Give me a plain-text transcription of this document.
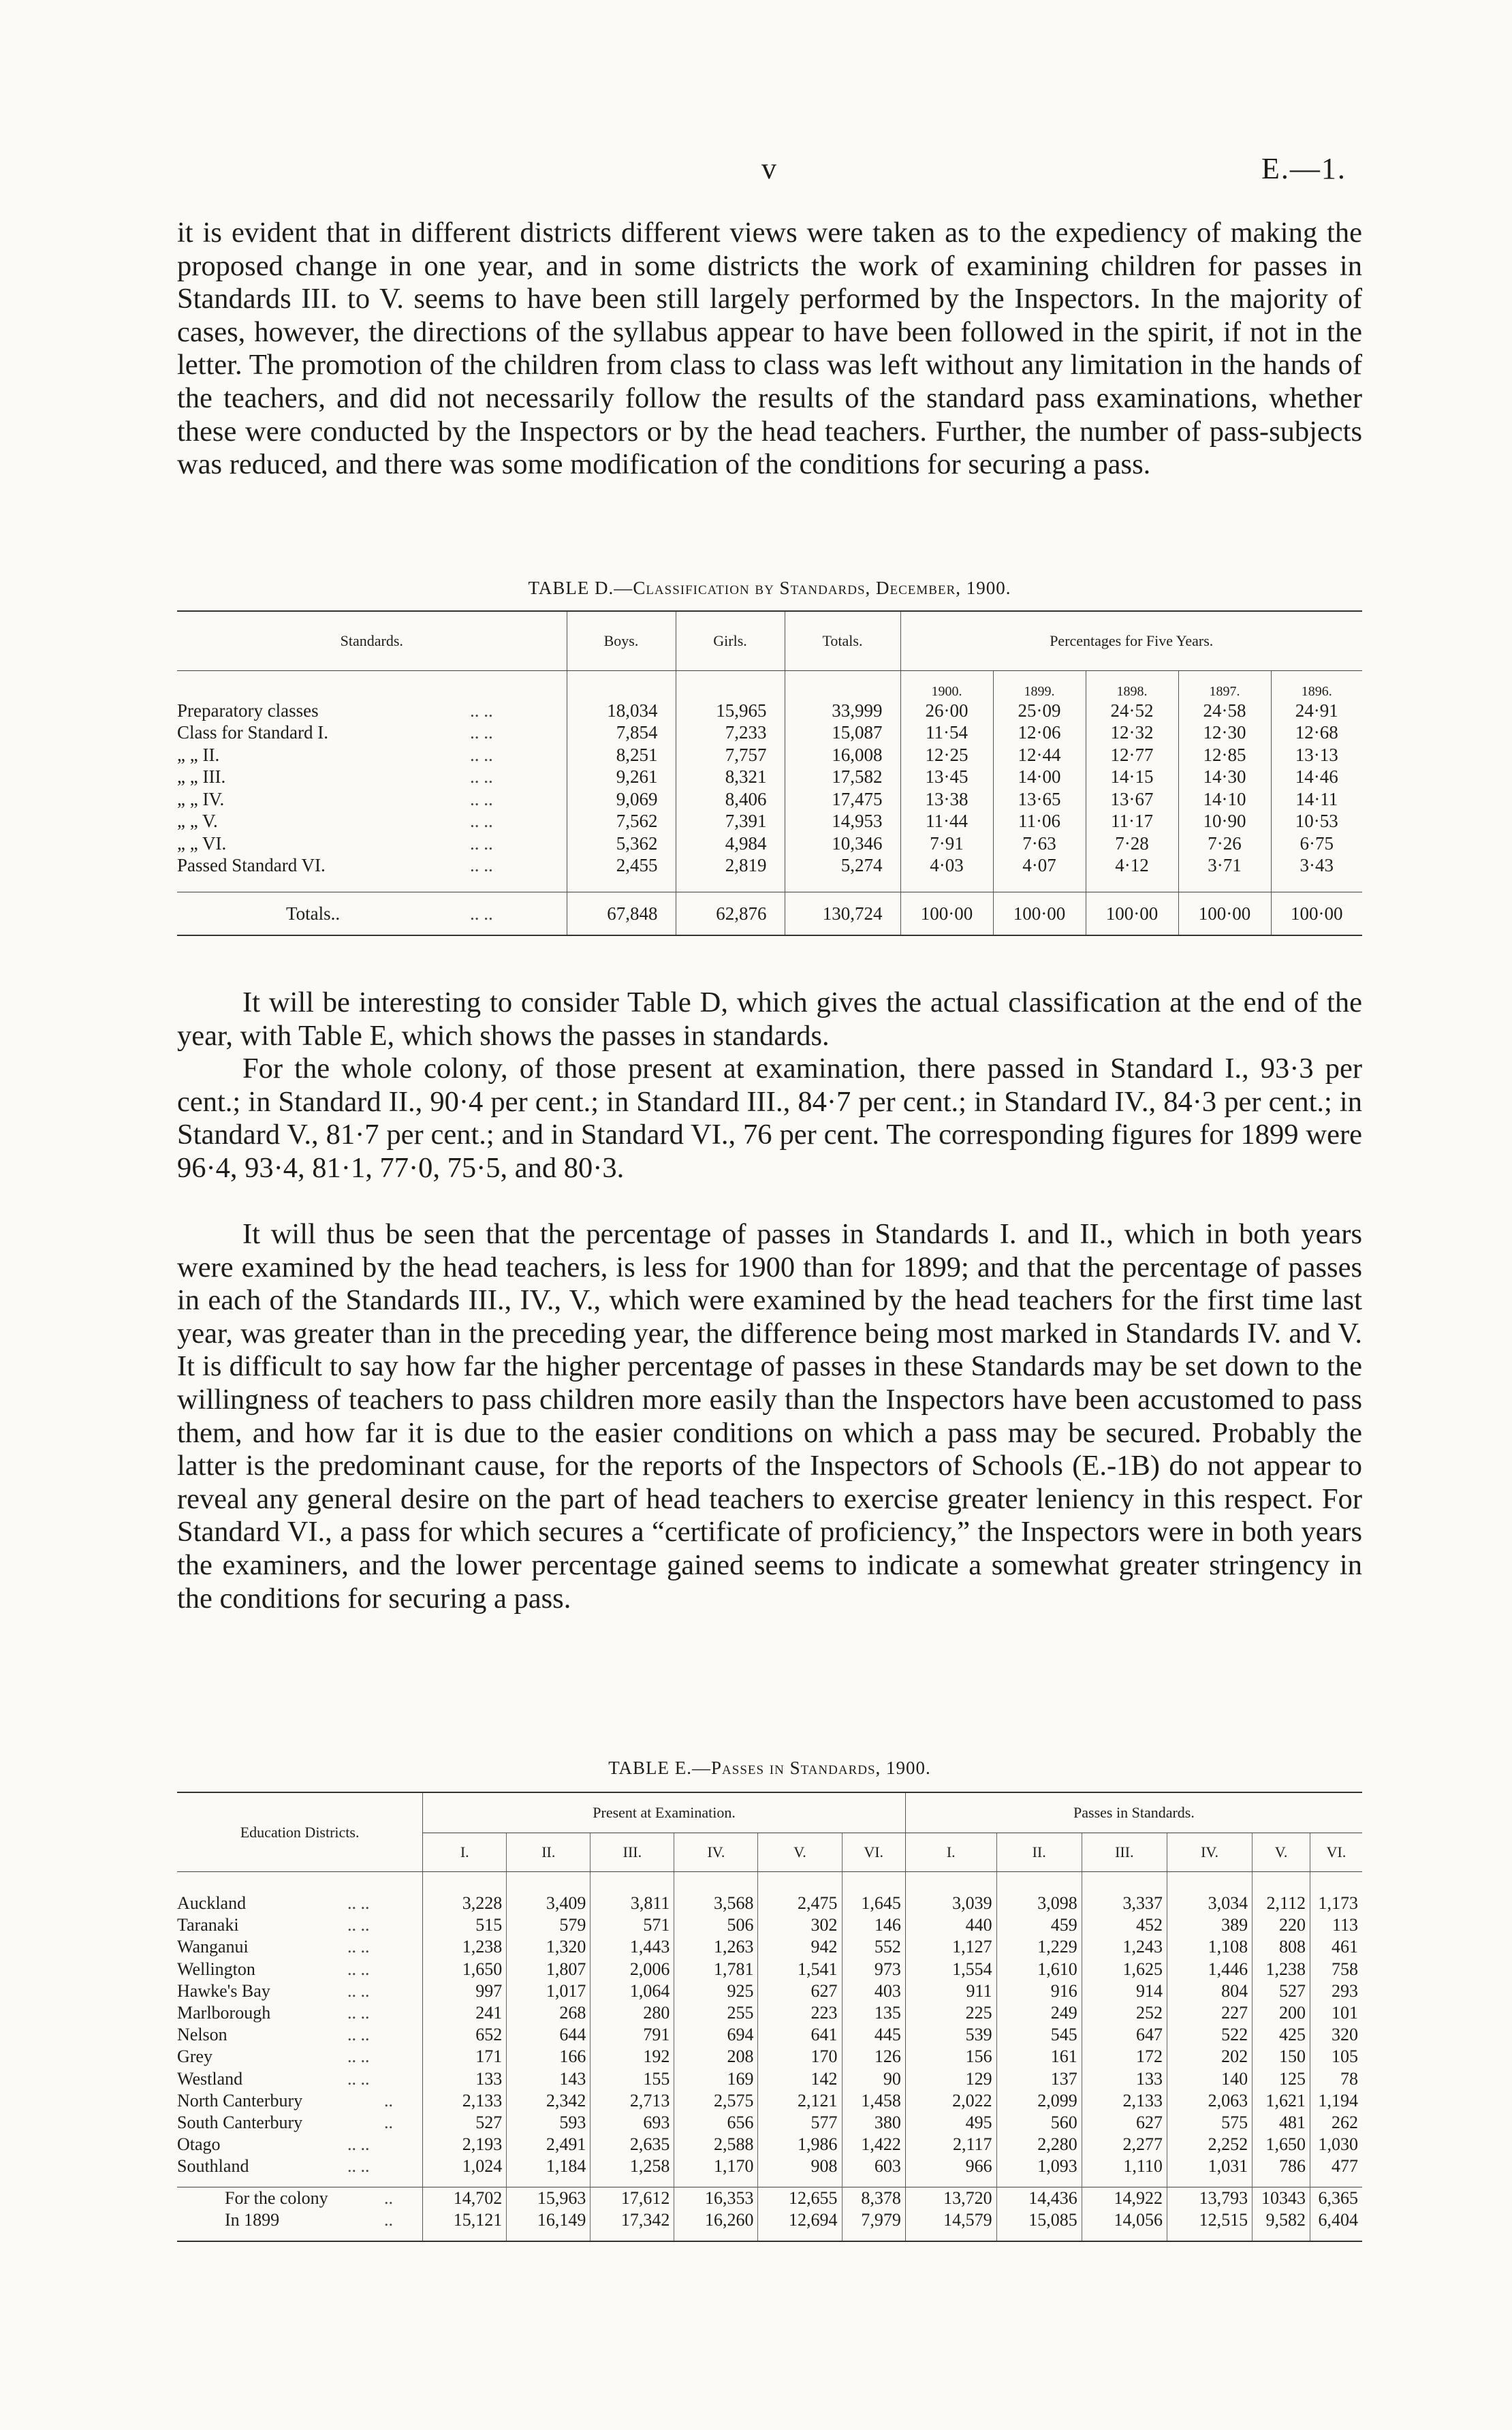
v	E.—1.

it is evident that in different districts different views were taken as to the expediency of making the proposed change in one year, and in some districts the work of examining children for passes in Standards III. to V. seems to have been still largely performed by the Inspectors. In the majority of cases, however, the directions of the syllabus appear to have been followed in the spirit, if not in the letter. The promotion of the children from class to class was left without any limitation in the hands of the teachers, and did not necessarily follow the results of the standard pass examinations, whether these were conducted by the Inspectors or by the head teachers. Further, the number of pass-subjects was reduced, and there was some modification of the conditions for securing a pass.

TABLE D.—Classification by Standards, December, 1900.
Standards.	Boys.	Girls.	Totals.	Percentages for Five Years.				
				1900.	1899.	1898.	1897.	1896.
Preparatory classes .. ..	18,034	15,965	33,999	26·00	25·09	24·52	24·58	24·91
Class for Standard I. .. ..	7,854	7,233	15,087	11·54	12·06	12·32	12·30	12·68
„ „ II. .. ..	8,251	7,757	16,008	12·25	12·44	12·77	12·85	13·13
„ „ III. .. ..	9,261	8,321	17,582	13·45	14·00	14·15	14·30	14·46
„ „ IV. .. ..	9,069	8,406	17,475	13·38	13·65	13·67	14·10	14·11
„ „ V. .. ..	7,562	7,391	14,953	11·44	11·06	11·17	10·90	10·53
„ „ VI. .. ..	5,362	4,984	10,346	7·91	7·63	7·28	7·26	6·75
Passed Standard VI. .. ..	2,455	2,819	5,274	4·03	4·07	4·12	3·71	3·43

Totals.. .. ..	67,848	62,876	130,724	100·00	100·00	100·00	100·00	100·00

It will be interesting to consider Table D, which gives the actual classification at the end of the year, with Table E, which shows the passes in standards.

For the whole colony, of those present at examination, there passed in Standard I., 93·3 per cent.; in Standard II., 90·4 per cent.; in Standard III., 84·7 per cent.; in Standard IV., 84·3 per cent.; in Standard V., 81·7 per cent.; and in Standard VI., 76 per cent. The corresponding figures for 1899 were 96·4, 93·4, 81·1, 77·0, 75·5, and 80·3.

It will thus be seen that the percentage of passes in Standards I. and II., which in both years were examined by the head teachers, is less for 1900 than for 1899; and that the percentage of passes in each of the Standards III., IV., V., which were examined by the head teachers for the first time last year, was greater than in the preceding year, the difference being most marked in Standards IV. and V. It is difficult to say how far the higher percentage of passes in these Standards may be set down to the willingness of teachers to pass children more easily than the Inspectors have been accustomed to pass them, and how far it is due to the easier conditions on which a pass may be secured. Probably the latter is the predominant cause, for the reports of the Inspectors of Schools (E.-1B) do not appear to reveal any general desire on the part of head teachers to exercise greater leniency in this respect. For Standard VI., a pass for which secures a “certificate of proficiency,” the Inspectors were in both years the examiners, and the lower percentage gained seems to indicate a somewhat greater stringency in the conditions for securing a pass.

TABLE E.—Passes in Standards, 1900.
Education Districts.	Present at Examination.						Passes in Standards.					
	I.	II.	III.	IV.	V.	VI.	I.	II.	III.	IV.	V.	VI.

Auckland .. ..	3,228	3,409	3,811	3,568	2,475	1,645	3,039	3,098	3,337	3,034	2,112	1,173
Taranaki .. ..	515	579	571	506	302	146	440	459	452	389	220	113
Wanganui .. ..	1,238	1,320	1,443	1,263	942	552	1,127	1,229	1,243	1,108	808	461
Wellington .. ..	1,650	1,807	2,006	1,781	1,541	973	1,554	1,610	1,625	1,446	1,238	758
Hawke's Bay .. ..	997	1,017	1,064	925	627	403	911	916	914	804	527	293
Marlborough .. ..	241	268	280	255	223	135	225	249	252	227	200	101
Nelson .. ..	652	644	791	694	641	445	539	545	647	522	425	320
Grey .. ..	171	166	192	208	170	126	156	161	172	202	150	105
Westland .. ..	133	143	155	169	142	90	129	137	133	140	125	78
North Canterbury ..	2,133	2,342	2,713	2,575	2,121	1,458	2,022	2,099	2,133	2,063	1,621	1,194
South Canterbury ..	527	593	693	656	577	380	495	560	627	575	481	262
Otago .. ..	2,193	2,491	2,635	2,588	1,986	1,422	2,117	2,280	2,277	2,252	1,650	1,030
Southland .. ..	1,024	1,184	1,258	1,170	908	603	966	1,093	1,110	1,031	786	477

For the colony ..	14,702	15,963	17,612	16,353	12,655	8,378	13,720	14,436	14,922	13,793	10343	6,365
In 1899 ..	15,121	16,149	17,342	16,260	12,694	7,979	14,579	15,085	14,056	12,515	9,582	6,404
